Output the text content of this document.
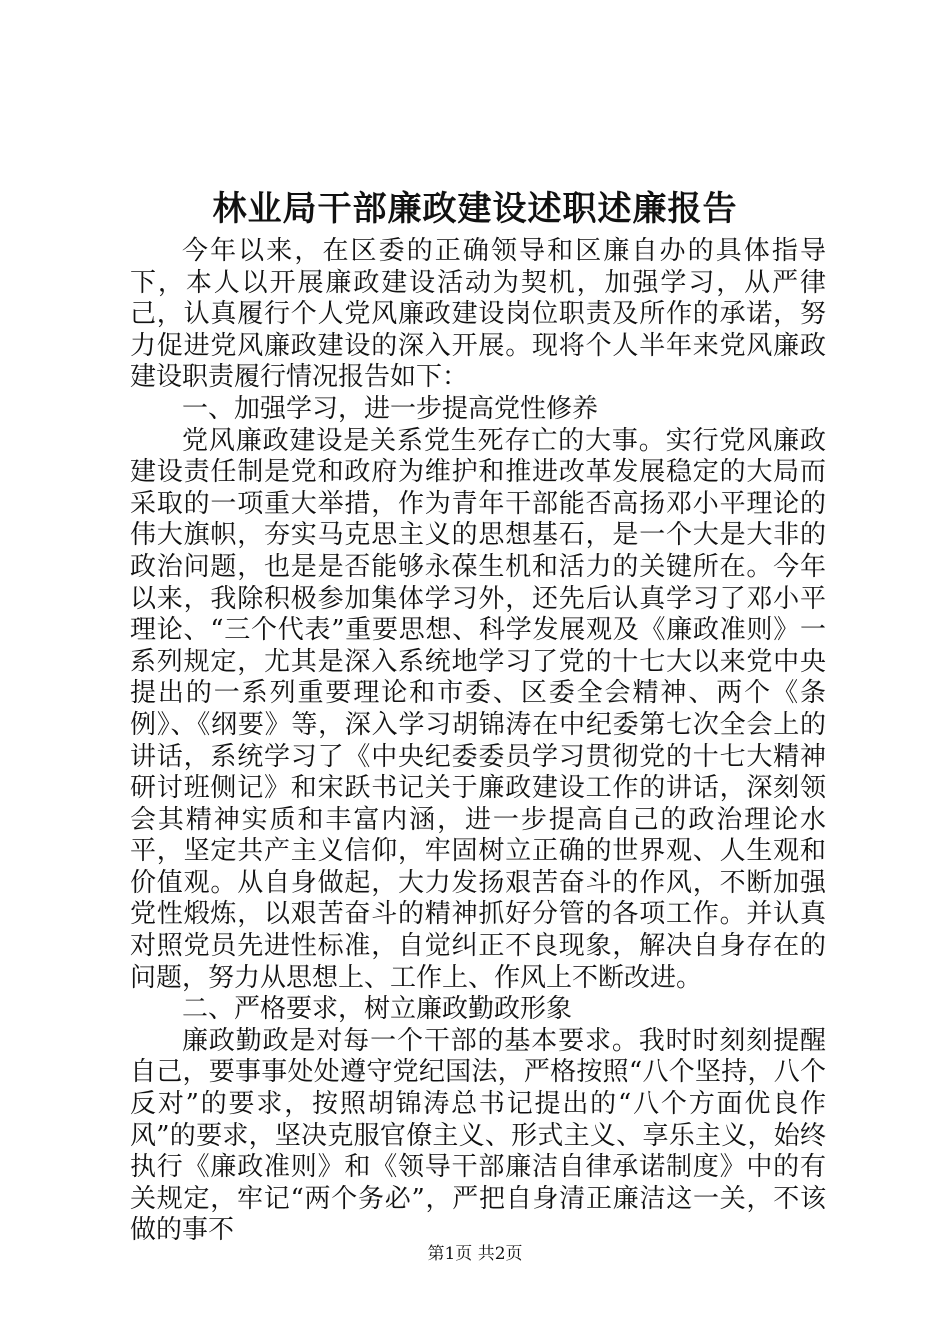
林业局干部廉政建设述职述廉报告

今年以来，在区委的正确领导和区廉自办的具体指导下，本人以开展廉政建设活动为契机，加强学习，从严律己，认真履行个人党风廉政建设岗位职责及所作的承诺，努力促进党风廉政建设的深入开展。现将个人半年来党风廉政建设职责履行情况报告如下：

一、加强学习，进一步提高党性修养

党风廉政建设是关系党生死存亡的大事。实行党风廉政建设责任制是党和政府为维护和推进改革发展稳定的大局而采取的一项重大举措，作为青年干部能否高扬邓小平理论的伟大旗帜，夯实马克思主义的思想基石，是一个大是大非的政治问题，也是是否能够永葆生机和活力的关键所在。今年以来，我除积极参加集体学习外，还先后认真学习了邓小平理论、“三个代表”重要思想、科学发展观及《廉政准则》一系列规定，尤其是深入系统地学习了党的十七大以来党中央提出的一系列重要理论和市委、区委全会精神、两个《条例》、《纲要》等，深入学习胡锦涛在中纪委第七次全会上的讲话，系统学习了《中央纪委委员学习贯彻党的十七大精神研讨班侧记》和宋跃书记关于廉政建设工作的讲话，深刻领会其精神实质和丰富内涵，进一步提高自己的政治理论水平，坚定共产主义信仰，牢固树立正确的世界观、人生观和价值观。从自身做起，大力发扬艰苦奋斗的作风，不断加强党性煅炼，以艰苦奋斗的精神抓好分管的各项工作。并认真对照党员先进性标准，自觉纠正不良现象，解决自身存在的问题，努力从思想上、工作上、作风上不断改进。

二、严格要求，树立廉政勤政形象

廉政勤政是对每一个干部的基本要求。我时时刻刻提醒自己，要事事处处遵守党纪国法，严格按照“八个坚持，八个反对”的要求，按照胡锦涛总书记提出的“八个方面优良作风”的要求，坚决克服官僚主义、形式主义、享乐主义，始终执行《廉政准则》和《领导干部廉洁自律承诺制度》中的有关规定，牢记“两个务必”，严把自身清正廉洁这一关，不该做的事不

第1页 共2页
